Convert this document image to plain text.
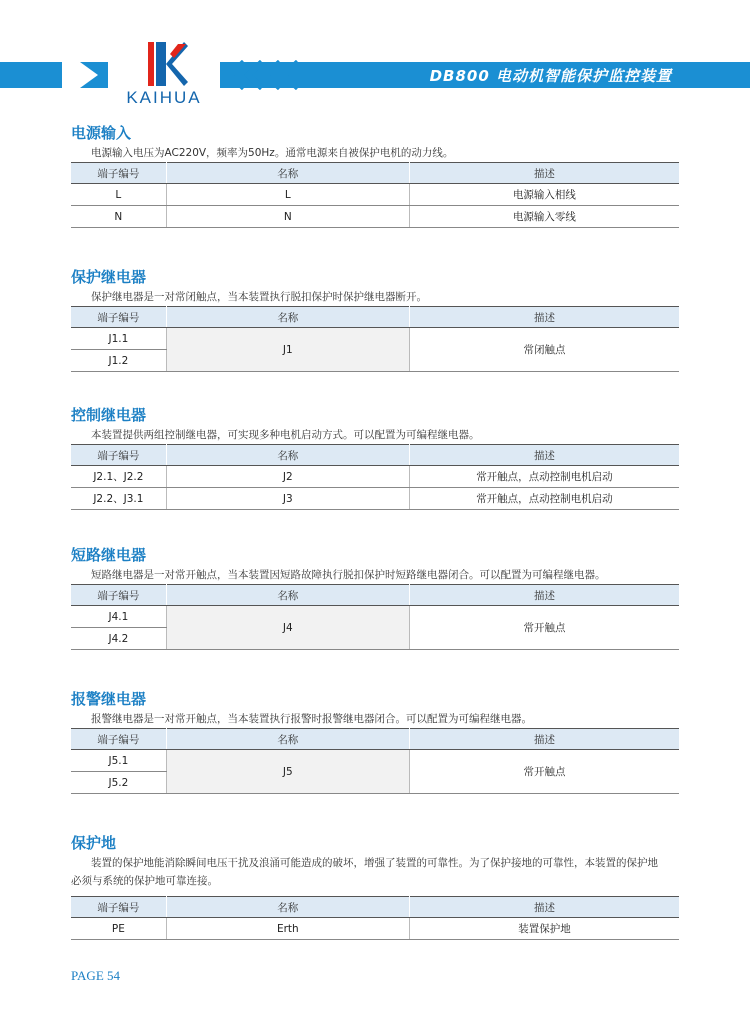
KAIHUA
DB800 电动机智能保护监控装置
电源输入
电源输入电压为AC220V，频率为50Hz。通常电源来自被保护电机的动力线。
端子编号	名称	描述
L	L	电源输入相线
N	N	电源输入零线
保护继电器
保护继电器是一对常闭触点，当本装置执行脱扣保护时保护继电器断开。
端子编号	名称	描述
J1.1	J1	常闭触点
J1.2		
控制继电器
本装置提供两组控制继电器，可实现多种电机启动方式。可以配置为可编程继电器。
端子编号	名称	描述
J2.1、J2.2	J2	常开触点，点动控制电机启动
J2.2、J3.1	J3	常开触点，点动控制电机启动
短路继电器
短路继电器是一对常开触点，当本装置因短路故障执行脱扣保护时短路继电器闭合。可以配置为可编程继电器。
端子编号	名称	描述
J4.1	J4	常开触点
J4.2		
报警继电器
报警继电器是一对常开触点，当本装置执行报警时报警继电器闭合。可以配置为可编程继电器。
端子编号	名称	描述
J5.1	J5	常开触点
J5.2		
保护地
装置的保护地能消除瞬间电压干扰及浪涌可能造成的破坏，增强了装置的可靠性。为了保护接地的可靠性，本装置的保护地
必须与系统的保护地可靠连接。
端子编号	名称	描述
PE	Erth	装置保护地
PAGE 54
